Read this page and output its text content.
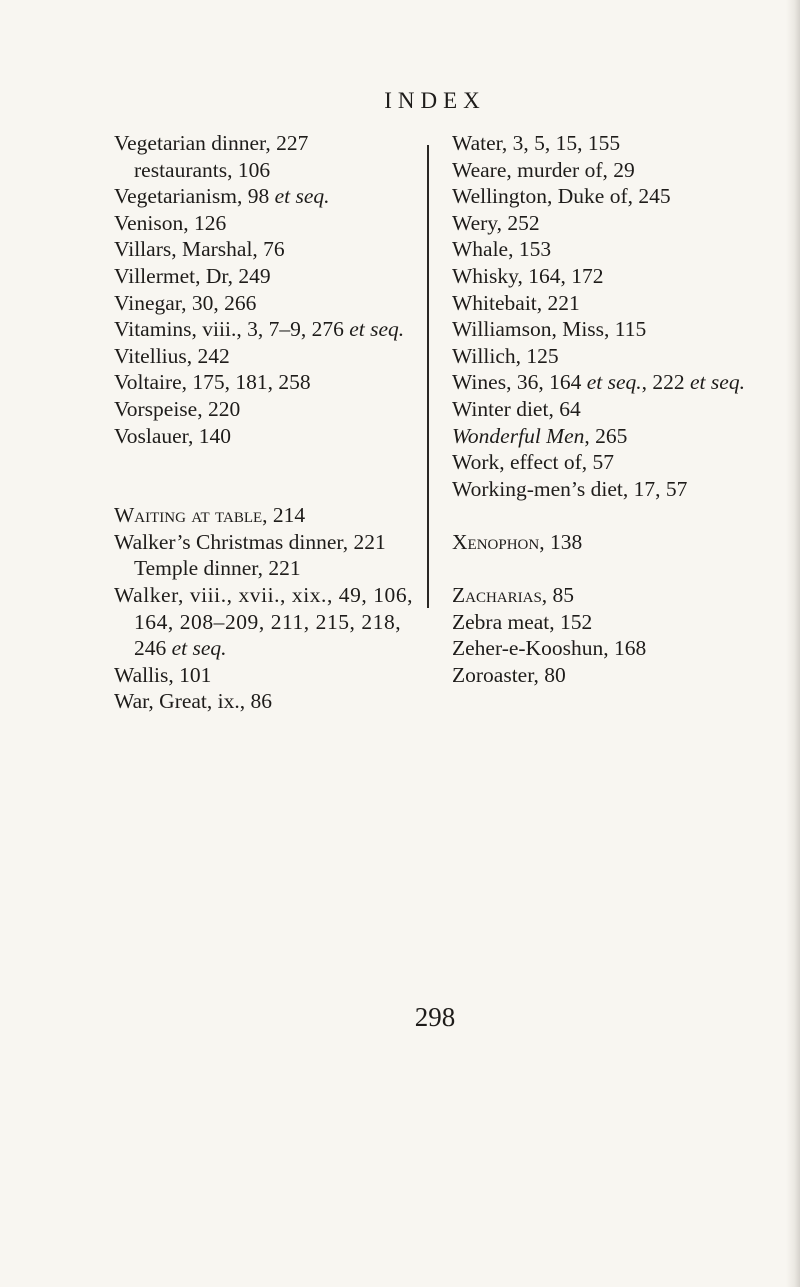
INDEX
Vegetarian dinner, 227
restaurants, 106
Vegetarianism, 98 et seq.
Venison, 126
Villars, Marshal, 76
Villermet, Dr, 249
Vinegar, 30, 266
Vitamins, viii., 3, 7–9, 276 et seq.
Vitellius, 242
Voltaire, 175, 181, 258
Vorspeise, 220
Voslauer, 140
Waiting at table, 214
Walker’s Christmas dinner, 221
Temple dinner, 221
Walker, viii., xvii., xix., 49, 106,
164, 208–209, 211, 215, 218,
246 et seq.
Wallis, 101
War, Great, ix., 86
Water, 3, 5, 15, 155
Weare, murder of, 29
Wellington, Duke of, 245
Wery, 252
Whale, 153
Whisky, 164, 172
Whitebait, 221
Williamson, Miss, 115
Willich, 125
Wines, 36, 164 et seq., 222 et seq.
Winter diet, 64
Wonderful Men, 265
Work, effect of, 57
Working-men’s diet, 17, 57
Xenophon, 138
Zacharias, 85
Zebra meat, 152
Zeher-e-Kooshun, 168
Zoroaster, 80
298
